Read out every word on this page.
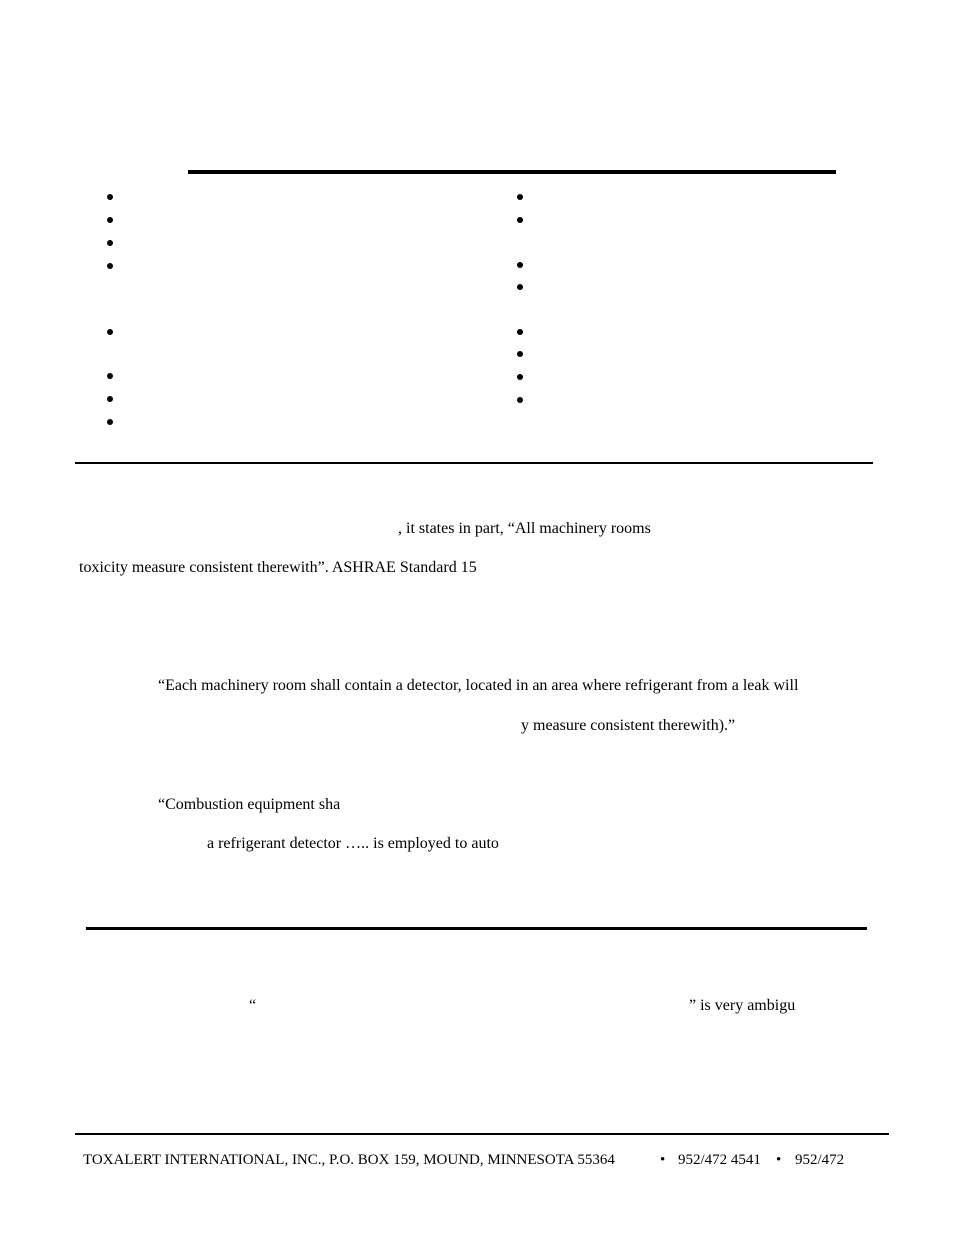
, it states in part, “All machinery rooms
toxicity measure consistent therewith”. ASHRAE Standard 15
“Each machinery room shall contain a detector, located in an area where refrigerant from a leak will
y measure consistent therewith).”
“Combustion equipment sha
a refrigerant detector ….. is employed to auto
“	” is very ambigu
TOXALERT INTERNATIONAL, INC., P.O. BOX 159, MOUND, MINNESOTA 55364	• 952/472 4541 • 952/472
